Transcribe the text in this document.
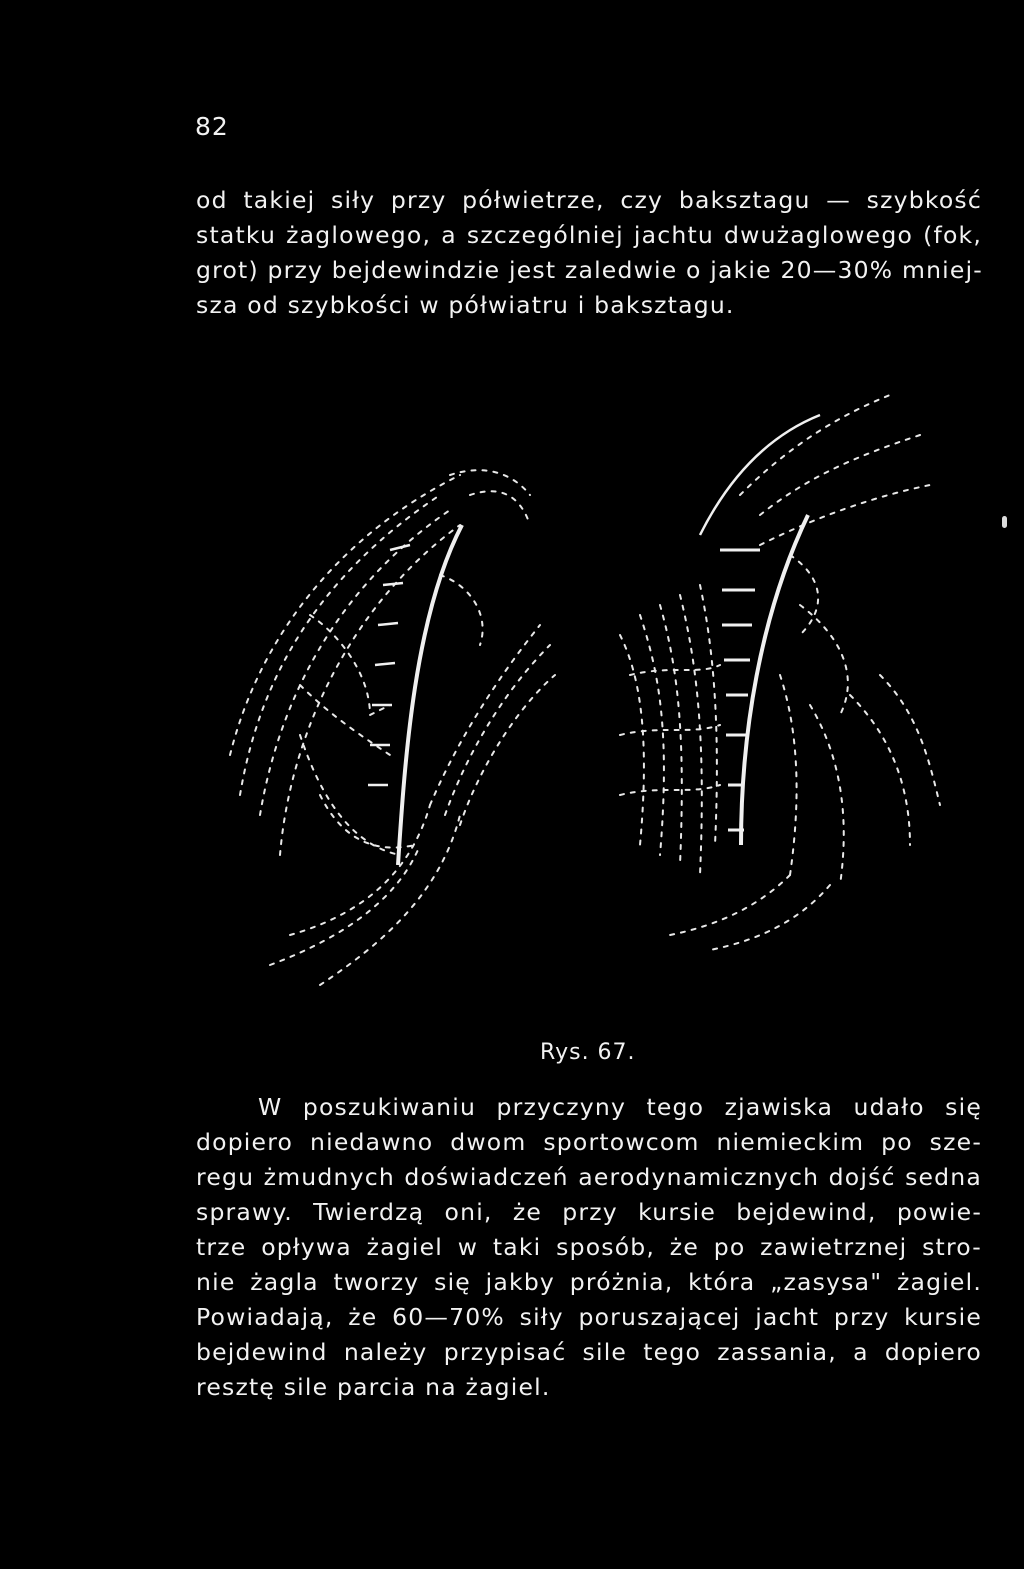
82
od takiej siły przy półwietrze, czy baksztagu — szybkość
statku żaglowego, a szczególniej jachtu dwużaglowego (fok,
grot) przy bejdewindzie jest zaledwie o jakie 20—30% mniej-
sza od szybkości w półwiatru i baksztagu.
Rys. 67.
W poszukiwaniu przyczyny tego zjawiska udało się
dopiero niedawno dwom sportowcom niemieckim po sze-
regu żmudnych doświadczeń aerodynamicznych dojść sedna
sprawy. Twierdzą oni, że przy kursie bejdewind, powie-
trze opływa żagiel w taki sposób, że po zawietrznej stro-
nie żagla tworzy się jakby próżnia, która „zasysa" żagiel.
Powiadają, że 60—70% siły poruszającej jacht przy kursie
bejdewind należy przypisać sile tego zassania, a dopiero
resztę sile parcia na żagiel.
